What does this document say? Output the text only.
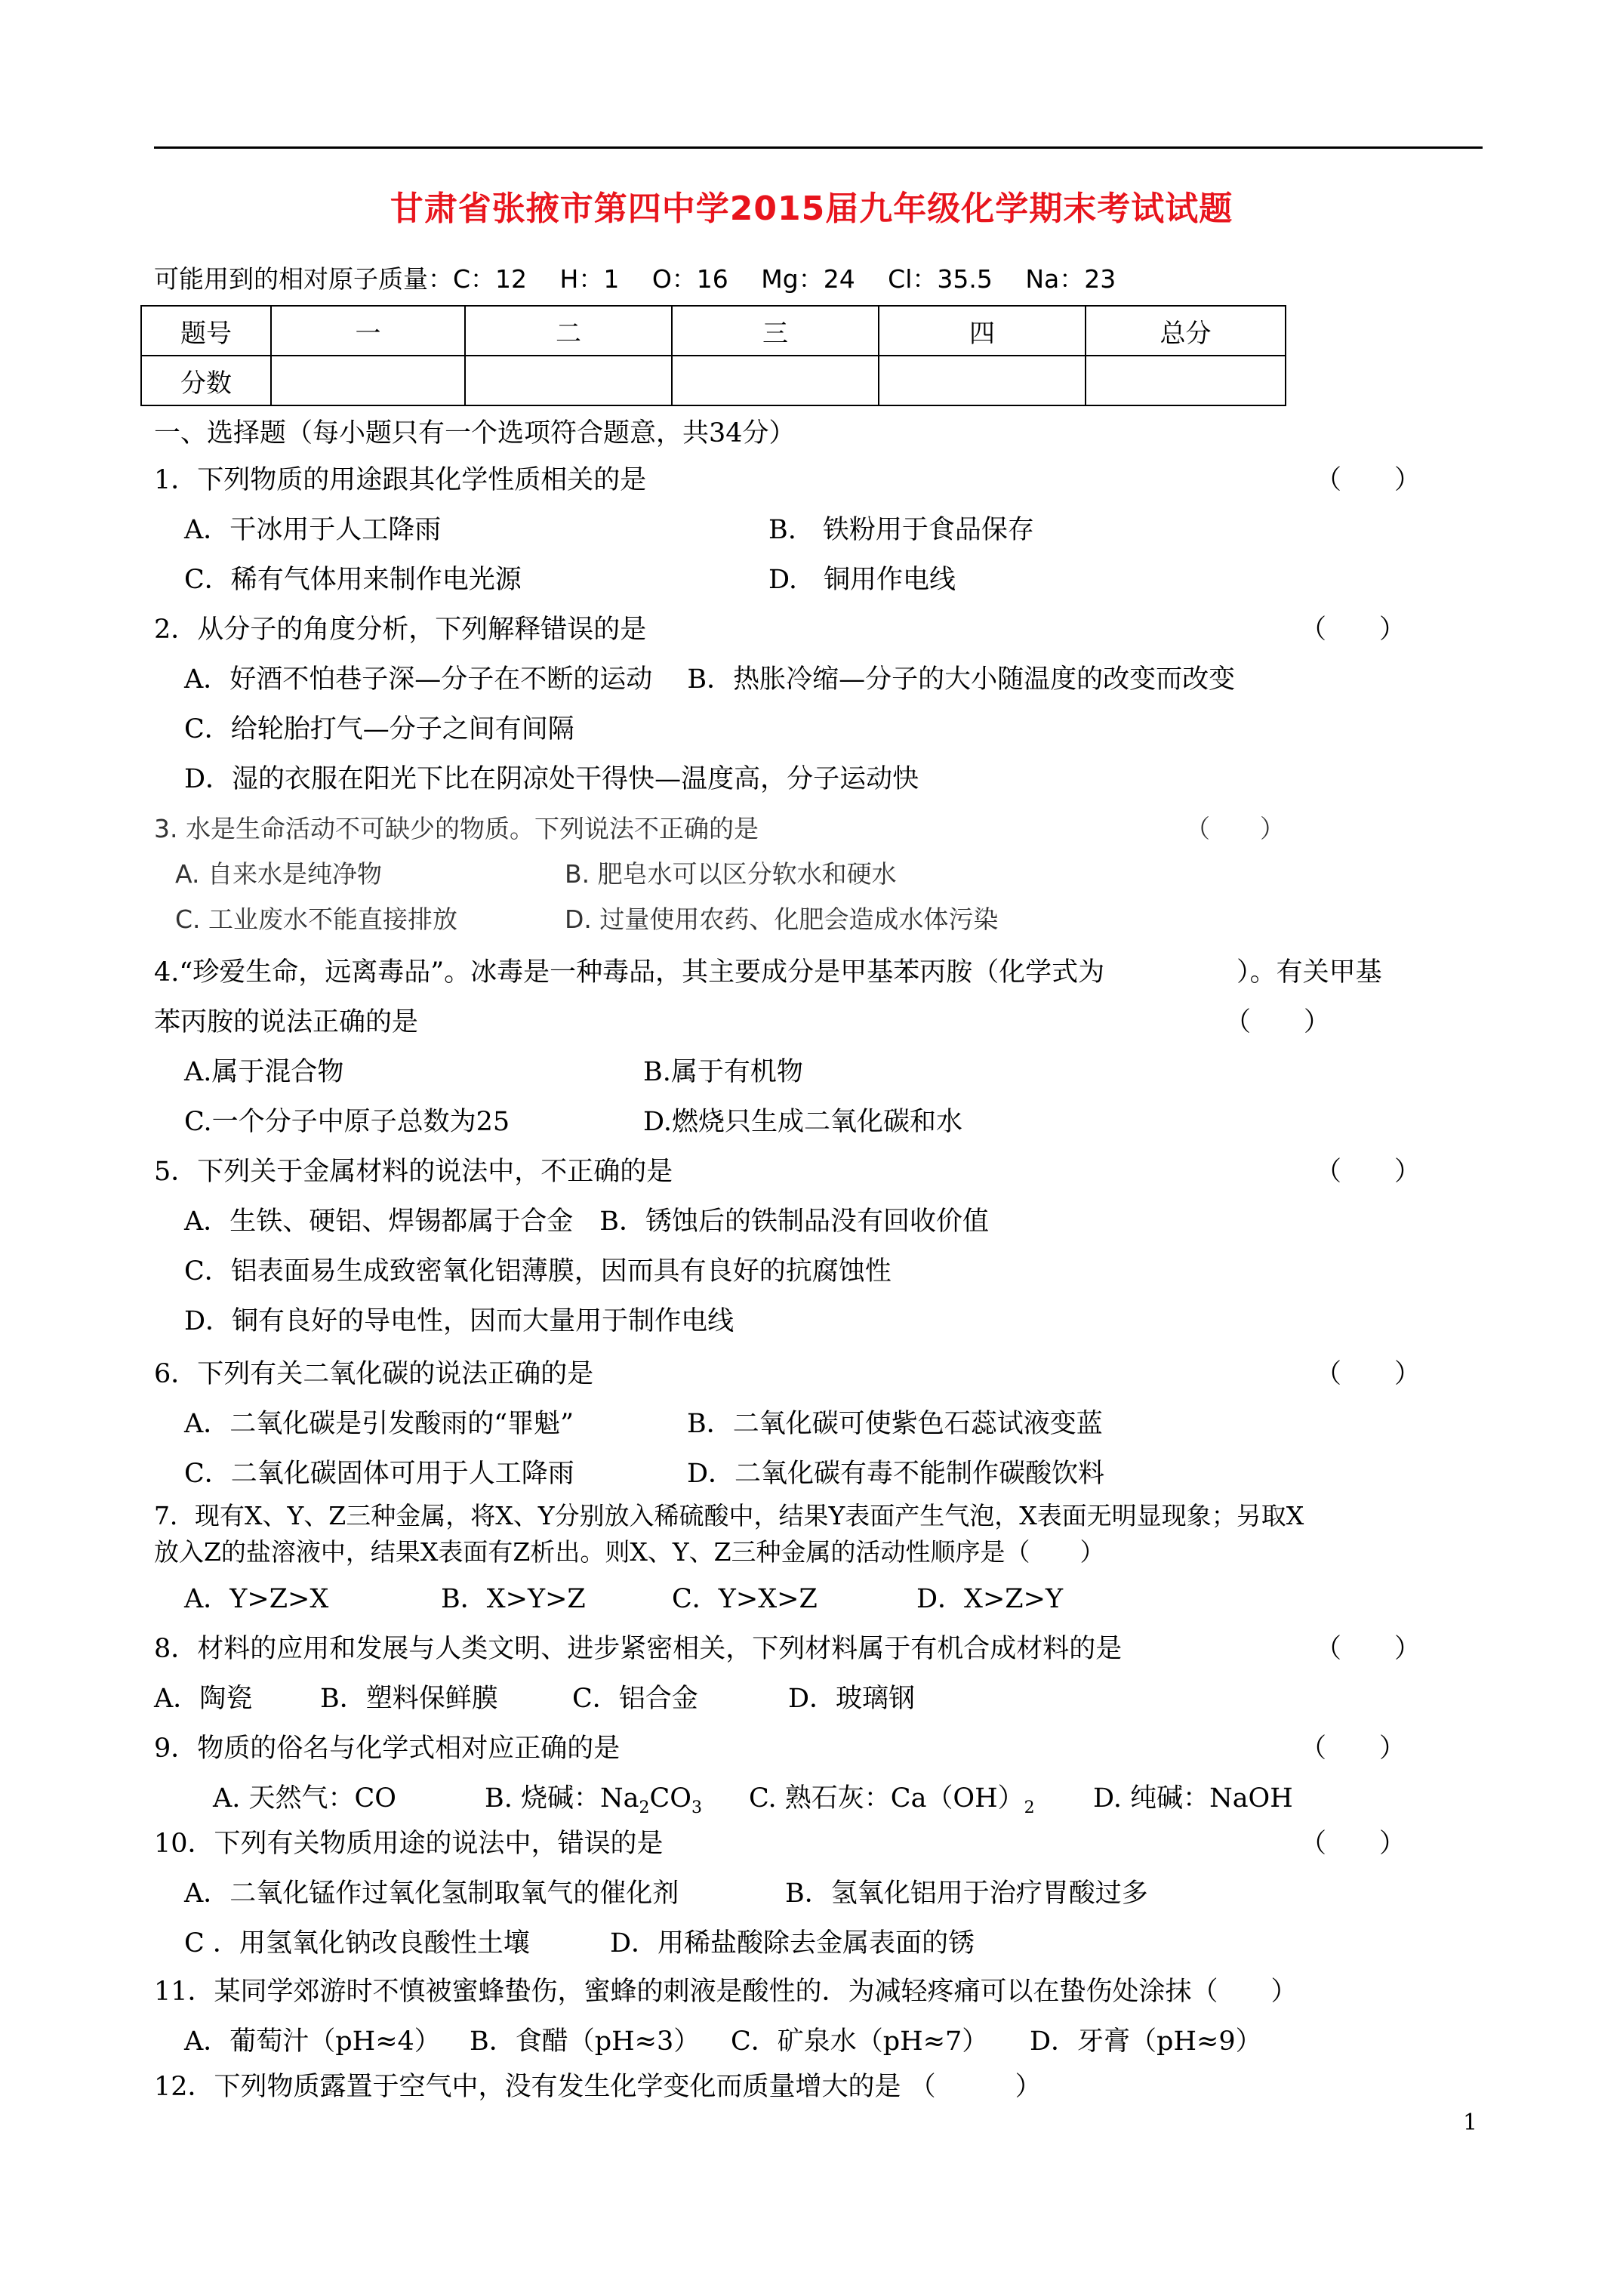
甘肃省张掖市第四中学2015届九年级化学期末考试试题
可能用到的相对原子质量：C：12　 H：1　 O：16　 Mg：24　 Cl：35.5　 Na：23
题号	一	二	三	四	总分
分数					
一、选择题（每小题只有一个选项符合题意，共34分）
1．下列物质的用途跟其化学性质相关的是	（　　）
A．干冰用于人工降雨	B.　铁粉用于食品保存
C．稀有气体用来制作电光源	D.　铜用作电线
2．从分子的角度分析，下列解释错误的是	（　　）
A．好酒不怕巷子深—分子在不断的运动　 B．热胀冷缩—分子的大小随温度的改变而改变
C．给轮胎打气—分子之间有间隔
D．湿的衣服在阳光下比在阴凉处干得快—温度高，分子运动快
3. 水是生命活动不可缺少的物质。下列说法不正确的是	（　　）
A. 自来水是纯净物	B. 肥皂水可以区分软水和硬水
C. 工业废水不能直接排放	D. 过量使用农药、化肥会造成水体污染
4.“珍爱生命，远离毒品”。冰毒是一种毒品，其主要成分是甲基苯丙胺（化学式为　　　　　）。有关甲基
苯丙胺的说法正确的是	（　　）
A.属于混合物	B.属于有机物
C.一个分子中原子总数为25	D.燃烧只生成二氧化碳和水
5．下列关于金属材料的说法中，不正确的是	（　　）
A．生铁、硬铝、焊锡都属于合金　B．锈蚀后的铁制品没有回收价值
C．铝表面易生成致密氧化铝薄膜，因而具有良好的抗腐蚀性
D．铜有良好的导电性，因而大量用于制作电线
6．下列有关二氧化碳的说法正确的是	（　　）
A．二氧化碳是引发酸雨的“罪魁”	B．二氧化碳可使紫色石蕊试液变蓝
C．二氧化碳固体可用于人工降雨	D．二氧化碳有毒不能制作碳酸饮料
7．现有X、Y、Z三种金属，将X、Y分别放入稀硫酸中，结果Y表面产生气泡，X表面无明显现象；另取X
放入Z的盐溶液中，结果X表面有Z析出。则X、Y、Z三种金属的活动性顺序是（　　）
A．Y>Z>X	B．X>Y>Z	C．Y>X>Z	D．X>Z>Y
8．材料的应用和发展与人类文明、进步紧密相关，下列材料属于有机合成材料的是	（　　）
A．陶瓷	B．塑料保鲜膜	C．铝合金	D．玻璃钢
9．物质的俗名与化学式相对应正确的是	（　　）
A. 天然气：CO	B. 烧碱：$Na_2CO_3$ C. 熟石灰：$Ca(OH)_2$ D. 纯碱：NaOH
10．下列有关物质用途的说法中，错误的是	（　　）
A．二氧化锰作过氧化氢制取氧气的催化剂	B．氢氧化铝用于治疗胃酸过多
C ．用氢氧化钠改良酸性土壤	D．用稀盐酸除去金属表面的锈
11．某同学郊游时不慎被蜜蜂蛰伤，蜜蜂的刺液是酸性的．为减轻疼痛可以在蛰伤处涂抹（　　）
A．葡萄汁（pH≈4） B．食醋（pH≈3） C．矿泉水（pH≈7） D．牙膏（pH≈9）
12．下列物质露置于空气中，没有发生化学变化而质量增大的是 （　　　）
1
